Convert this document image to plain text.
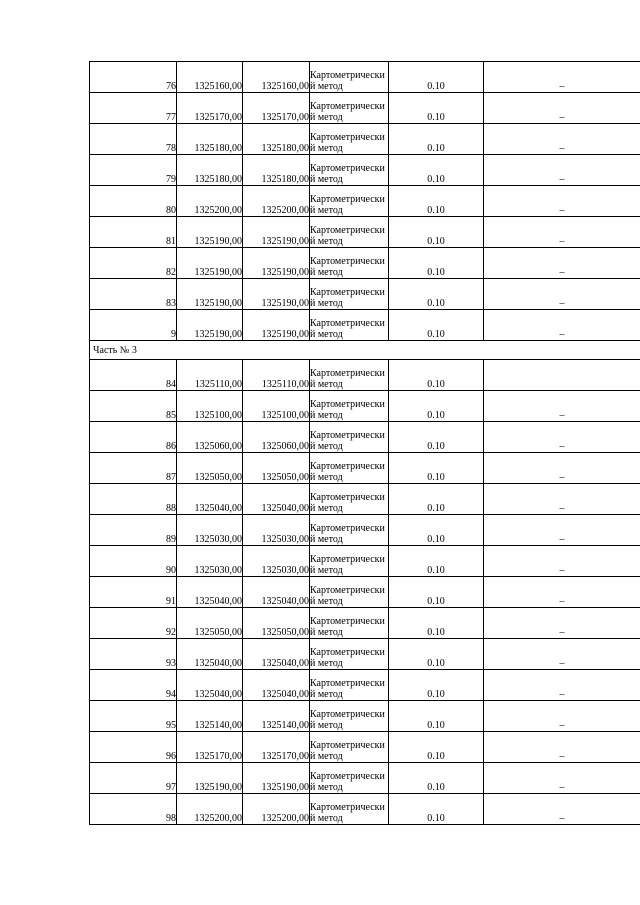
76	1325160,00	1325160,00	Картометрический метод	0.10	–
77	1325170,00	1325170,00	Картометрический метод	0.10	–
78	1325180,00	1325180,00	Картометрический метод	0.10	–
79	1325180,00	1325180,00	Картометрический метод	0.10	–
80	1325200,00	1325200,00	Картометрический метод	0.10	–
81	1325190,00	1325190,00	Картометрический метод	0.10	–
82	1325190,00	1325190,00	Картометрический метод	0.10	–
83	1325190,00	1325190,00	Картометрический метод	0.10	–
9	1325190,00	1325190,00	Картометрический метод	0.10	–
Часть № 3					
84	1325110,00	1325110,00	Картометрический метод	0.10	
85	1325100,00	1325100,00	Картометрический метод	0.10	–
86	1325060,00	1325060,00	Картометрический метод	0.10	–
87	1325050,00	1325050,00	Картометрический метод	0.10	–
88	1325040,00	1325040,00	Картометрический метод	0.10	–
89	1325030,00	1325030,00	Картометрический метод	0.10	–
90	1325030,00	1325030,00	Картометрический метод	0.10	–
91	1325040,00	1325040,00	Картометрический метод	0.10	–
92	1325050,00	1325050,00	Картометрический метод	0.10	–
93	1325040,00	1325040,00	Картометрический метод	0.10	–
94	1325040,00	1325040,00	Картометрический метод	0.10	–
95	1325140,00	1325140,00	Картометрический метод	0.10	–
96	1325170,00	1325170,00	Картометрический метод	0.10	–
97	1325190,00	1325190,00	Картометрический метод	0.10	–
98	1325200,00	1325200,00	Картометрический метод	0.10	–
